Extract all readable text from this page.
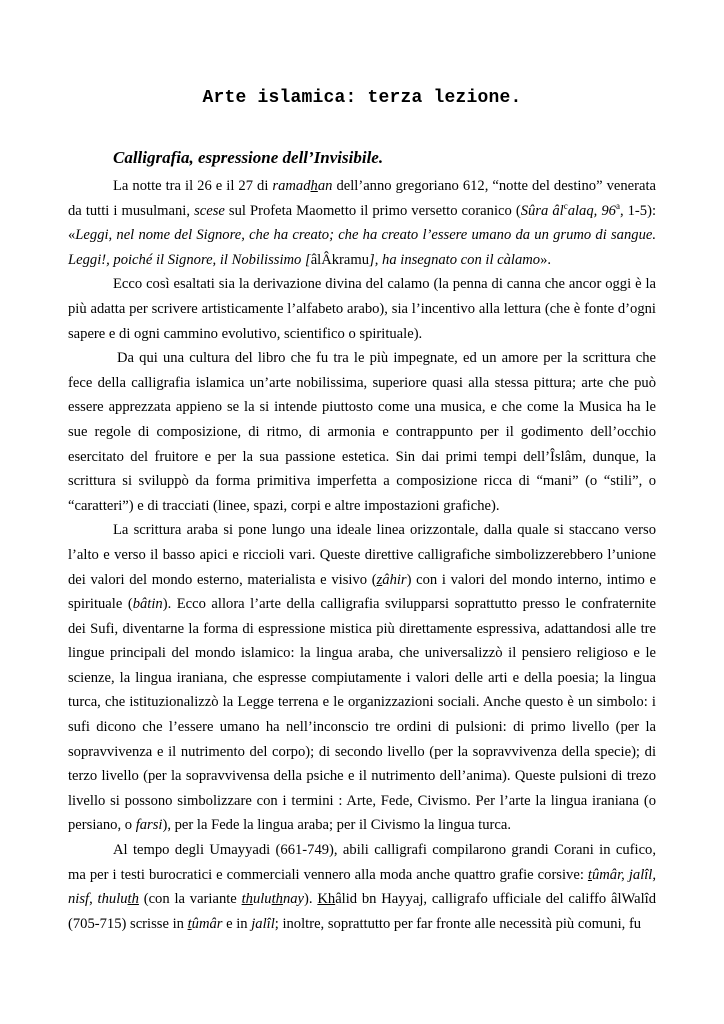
Arte islamica: terza lezione.
Calligrafia, espressione dell’Invisibile.

La notte tra il 26 e il 27 di ramadhan dell’anno gregoriano 612, “notte del destino” venerata da tutti i musulmani, scese sul Profeta Maometto il primo versetto coranico (Sûra $âl^calaq$, 96$^a$, 1-5): «Leggi, nel nome del Signore, che ha creato; che ha creato l’essere umano da un grumo di sangue. Leggi!, poiché il Signore, il Nobilissimo [âlÂkramu], ha insegnato con il càlamo».

Ecco così esaltati sia la derivazione divina del calamo (la penna di canna che ancor oggi è la più adatta per scrivere artisticamente l’alfabeto arabo), sia l’incentivo alla lettura (che è fonte d’ogni sapere e di ogni cammino evolutivo, scientifico o spirituale).

Da qui una cultura del libro che fu tra le più impegnate, ed un amore per la scrittura che fece della calligrafia islamica un’arte nobilissima, superiore quasi alla stessa pittura; arte che può essere apprezzata appieno se la si intende piuttosto come una musica, e che come la Musica ha le sue regole di composizione, di ritmo, di armonia e contrappunto per il godimento dell’occhio esercitato del fruitore e per la sua passione estetica. Sin dai primi tempi dell’Îslâm, dunque, la scrittura si sviluppò da forma primitiva imperfetta a composizione ricca di “mani” (o “stili”, o “caratteri”) e di tracciati (linee, spazi, corpi e altre impostazioni grafiche).

La scrittura araba si pone lungo una ideale linea orizzontale, dalla quale si staccano verso l’alto e verso il basso apici e riccioli vari. Queste direttive calligrafiche simbolizzerebbero l’unione dei valori del mondo esterno, materialista e visivo (zâhir) con i valori del mondo interno, intimo e spirituale (bâtin). Ecco allora l’arte della calligrafia svilupparsi soprattutto presso le confraternite dei Sufi, diventarne la forma di espressione mistica più direttamente espressiva, adattandosi alle tre lingue principali del mondo islamico: la lingua araba, che universalizzò il pensiero religioso e le scienze, la lingua iraniana, che espresse compiutamente i valori delle arti e della poesia; la lingua turca, che istituzionalizzò la Legge terrena e le organizzazioni sociali. Anche questo è un simbolo: i sufi dicono che l’essere umano ha nell’inconscio tre ordini di pulsioni: di primo livello (per la sopravvivenza e il nutrimento del corpo); di secondo livello (per la sopravvivenza della specie); di terzo livello (per la sopravvivensa della psiche e il nutrimento dell’anima). Queste pulsioni di trezo livello si possono simbolizzare con i termini : Arte, Fede, Civismo. Per l’arte la lingua iraniana (o persiano, o farsi), per la Fede la lingua araba; per il Civismo la lingua turca.

Al tempo degli Umayyadi (661-749), abili calligrafi compilarono grandi Corani in cufico, ma per i testi burocratici e commerciali vennero alla moda anche quattro grafie corsive: tûmâr, jalîl, nisf, thuluth (con la variante thuluthnay). Khâlid bn Hayyaj, calligrafo ufficiale del califfo âlWalîd (705-715) scrisse in tûmâr e in jalîl; inoltre, soprattutto per far fronte alle necessità più comuni, fu
